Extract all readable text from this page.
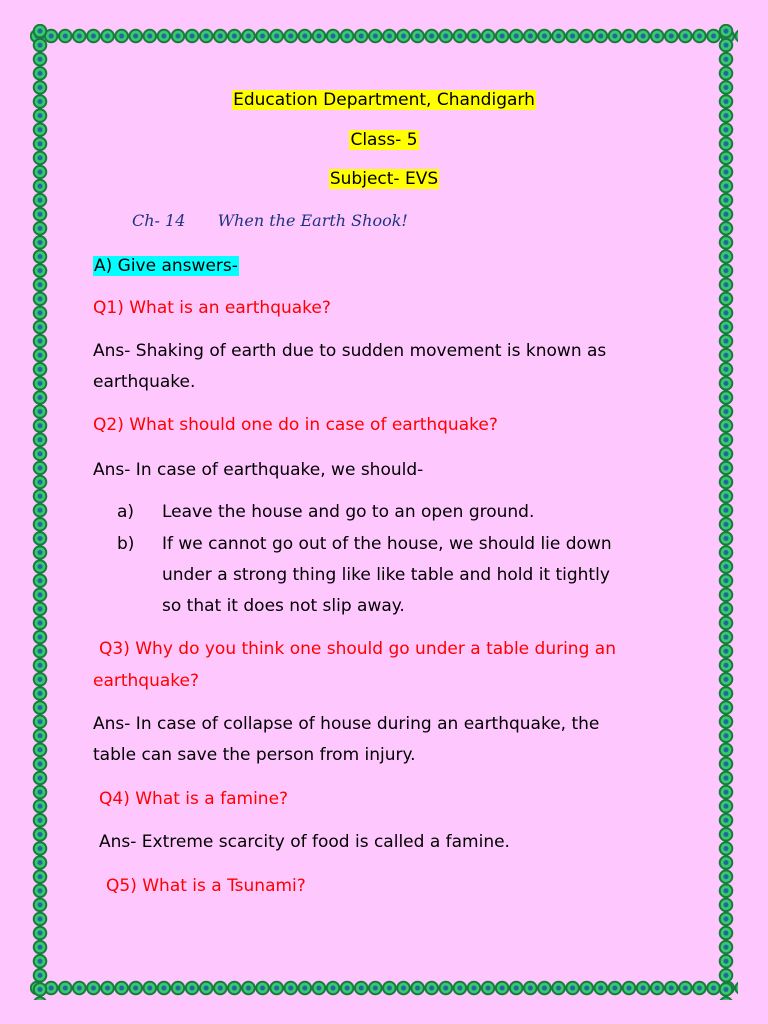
Education Department, Chandigarh
Class- 5
Subject- EVS
Ch- 14 When the Earth Shook!
A) Give answers-
Q1) What is an earthquake?
Ans- Shaking of earth due to sudden movement is known as
earthquake.
Q2) What should one do in case of earthquake?
Ans- In case of earthquake, we should-
a) Leave the house and go to an open ground.
b) If we cannot go out of the house, we should lie down
under a strong thing like like table and hold it tightly
so that it does not slip away.
Q3) Why do you think one should go under a table during an
earthquake?
Ans- In case of collapse of house during an earthquake, the
table can save the person from injury.
Q4) What is a famine?
Ans- Extreme scarcity of food is called a famine.
Q5) What is a Tsunami?
